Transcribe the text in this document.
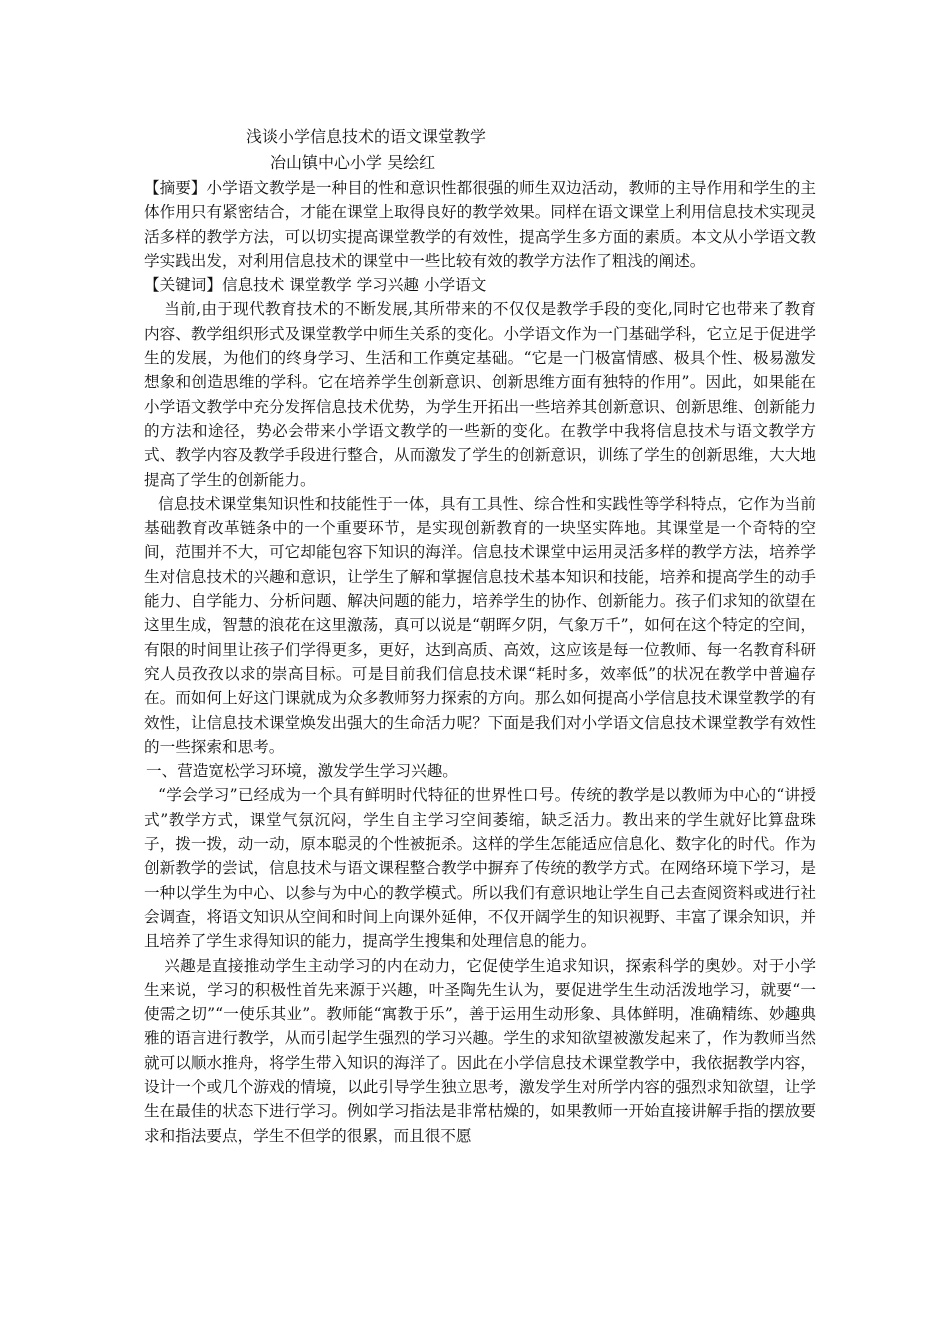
浅谈小学信息技术的语文课堂教学
冶山镇中心小学 吴绘红

【摘要】小学语文教学是一种目的性和意识性都很强的师生双边活动，教师的主导作用和学生的主体作用只有紧密结合，才能在课堂上取得良好的教学效果。同样在语文课堂上利用信息技术实现灵活多样的教学方法，可以切实提高课堂教学的有效性，提高学生多方面的素质。本文从小学语文教学实践出发，对利用信息技术的课堂中一些比较有效的教学方法作了粗浅的阐述。

【关键词】信息技术 课堂教学 学习兴趣 小学语文

当前,由于现代教育技术的不断发展,其所带来的不仅仅是教学手段的变化,同时它也带来了教育内容、教学组织形式及课堂教学中师生关系的变化。小学语文作为一门基础学科，它立足于促进学生的发展，为他们的终身学习、生活和工作奠定基础。“它是一门极富情感、极具个性、极易激发想象和创造思维的学科。它在培养学生创新意识、创新思维方面有独特的作用”。因此，如果能在小学语文教学中充分发挥信息技术优势，为学生开拓出一些培养其创新意识、创新思维、创新能力的方法和途径，势必会带来小学语文教学的一些新的变化。在教学中我将信息技术与语文教学方式、教学内容及教学手段进行整合，从而激发了学生的创新意识，训练了学生的创新思维，大大地提高了学生的创新能力。

信息技术课堂集知识性和技能性于一体，具有工具性、综合性和实践性等学科特点，它作为当前基础教育改革链条中的一个重要环节，是实现创新教育的一块坚实阵地。其课堂是一个奇特的空间，范围并不大，可它却能包容下知识的海洋。信息技术课堂中运用灵活多样的教学方法，培养学生对信息技术的兴趣和意识，让学生了解和掌握信息技术基本知识和技能，培养和提高学生的动手能力、自学能力、分析问题、解决问题的能力，培养学生的协作、创新能力。孩子们求知的欲望在这里生成，智慧的浪花在这里激荡，真可以说是“朝晖夕阴，气象万千”，如何在这个特定的空间，有限的时间里让孩子们学得更多，更好，达到高质、高效，这应该是每一位教师、每一名教育科研究人员孜孜以求的崇高目标。可是目前我们信息技术课“耗时多，效率低”的状况在教学中普遍存在。而如何上好这门课就成为众多教师努力探索的方向。那么如何提高小学信息技术课堂教学的有效性，让信息技术课堂焕发出强大的生命活力呢？下面是我们对小学语文信息技术课堂教学有效性的一些探索和思考。

一、营造宽松学习环境，激发学生学习兴趣。

“学会学习”已经成为一个具有鲜明时代特征的世界性口号。传统的教学是以教师为中心的“讲授式”教学方式，课堂气氛沉闷，学生自主学习空间萎缩，缺乏活力。教出来的学生就好比算盘珠子，拨一拨，动一动，原本聪灵的个性被扼杀。这样的学生怎能适应信息化、数字化的时代。作为创新教学的尝试，信息技术与语文课程整合教学中摒弃了传统的教学方式。在网络环境下学习，是一种以学生为中心、以参与为中心的教学模式。所以我们有意识地让学生自己去查阅资料或进行社会调查，将语文知识从空间和时间上向课外延伸，不仅开阔学生的知识视野、丰富了课余知识，并且培养了学生求得知识的能力，提高学生搜集和处理信息的能力。

兴趣是直接推动学生主动学习的内在动力，它促使学生追求知识，探索科学的奥妙。对于小学生来说，学习的积极性首先来源于兴趣，叶圣陶先生认为，要促进学生生动活泼地学习，就要“一使需之切”“一使乐其业”。教师能“寓教于乐”，善于运用生动形象、具体鲜明，准确精练、妙趣典雅的语言进行教学，从而引起学生强烈的学习兴趣。学生的求知欲望被激发起来了，作为教师当然就可以顺水推舟，将学生带入知识的海洋了。因此在小学信息技术课堂教学中，我依据教学内容，设计一个或几个游戏的情境，以此引导学生独立思考，激发学生对所学内容的强烈求知欲望，让学生在最佳的状态下进行学习。例如学习指法是非常枯燥的，如果教师一开始直接讲解手指的摆放要求和指法要点，学生不但学的很累，而且很不愿
